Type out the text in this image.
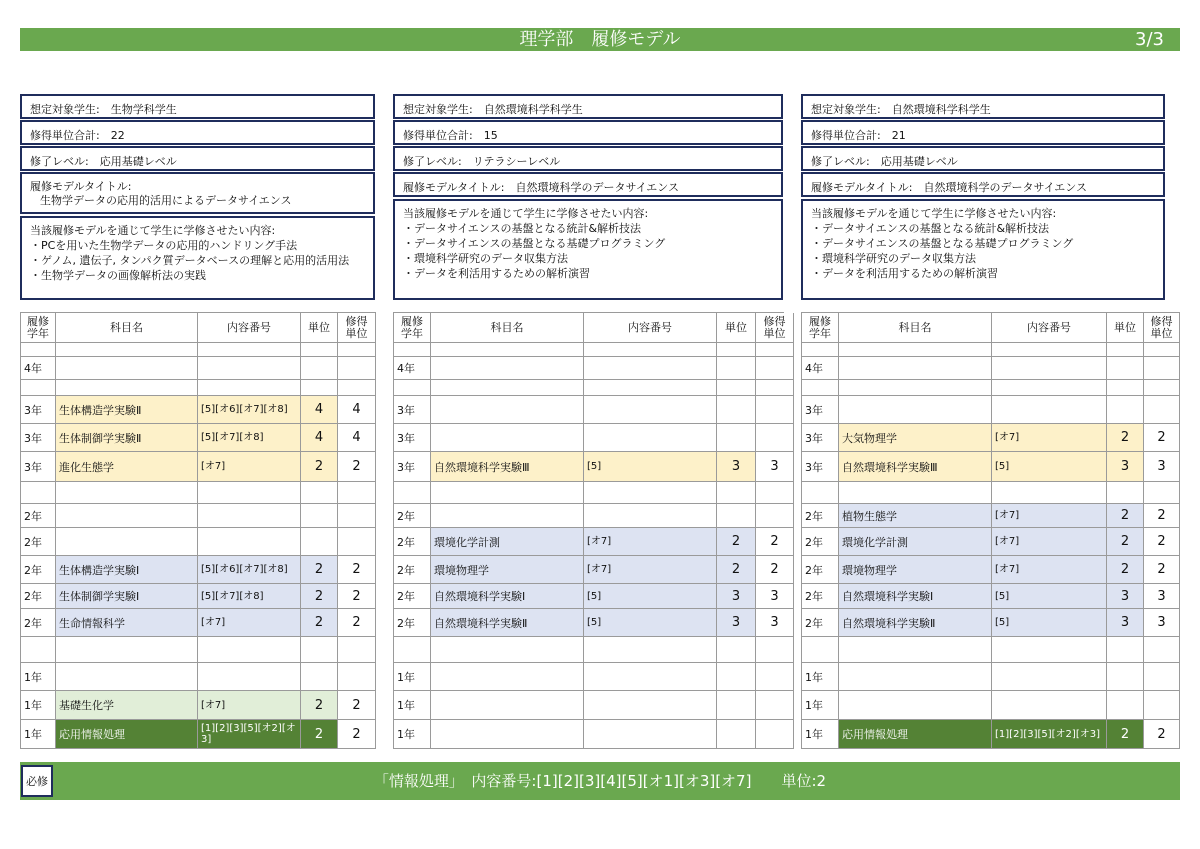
理学部　履修モデル	3/3
想定対象学生:　生物学科学生
修得単位合計:　22
修了レベル:　応用基礎レベル
履修モデルタイトル:
生物学データの応用的活用によるデータサイエンス
当該履修モデルを通じて学生に学修させたい内容:
・PCを用いた生物学データの応用的ハンドリング手法
・ゲノム, 遺伝子, タンパク質データベースの理解と応用的活用法
・生物学データの画像解析法の実践
履修学年	科目名	内容番号	単位	修得単位
4年
3年	生体構造学実験Ⅱ	[5][オ6][オ7][オ8]	4	4
3年	生体制御学実験Ⅱ	[5][オ7][オ8]	4	4
3年	進化生態学	[オ7]	2	2
2年
2年
2年	生体構造学実験Ⅰ	[5][オ6][オ7][オ8]	2	2
2年	生体制御学実験Ⅰ	[5][オ7][オ8]	2	2
2年	生命情報科学	[オ7]	2	2
1年
1年	基礎生化学	[オ7]	2	2
1年	応用情報処理	[1][2][3][5][オ2][オ3]	2	2
想定対象学生:　自然環境科学科学生
修得単位合計:　15
修了レベル:　リテラシーレベル
履修モデルタイトル:　自然環境科学のデータサイエンス
当該履修モデルを通じて学生に学修させたい内容:
・データサイエンスの基盤となる統計&解析技法
・データサイエンスの基盤となる基礎プログラミング
・環境科学研究のデータ収集方法
・データを利活用するための解析演習
履修学年	科目名	内容番号	単位	修得単位
4年
3年
3年
3年	自然環境科学実験Ⅲ	[5]	3	3
2年
2年	環境化学計測	[オ7]	2	2
2年	環境物理学	[オ7]	2	2
2年	自然環境科学実験Ⅰ	[5]	3	3
2年	自然環境科学実験Ⅱ	[5]	3	3
1年
1年
1年
想定対象学生:　自然環境科学科学生
修得単位合計:　21
修了レベル:　応用基礎レベル
履修モデルタイトル:　自然環境科学のデータサイエンス
当該履修モデルを通じて学生に学修させたい内容:
・データサイエンスの基盤となる統計&解析技法
・データサイエンスの基盤となる基礎プログラミング
・環境科学研究のデータ収集方法
・データを利活用するための解析演習
履修学年	科目名	内容番号	単位	修得単位
4年
3年
3年	大気物理学	[オ7]	2	2
3年	自然環境科学実験Ⅲ	[5]	3	3
2年	植物生態学	[オ7]	2	2
2年	環境化学計測	[オ7]	2	2
2年	環境物理学	[オ7]	2	2
2年	自然環境科学実験Ⅰ	[5]	3	3
2年	自然環境科学実験Ⅱ	[5]	3	3
1年
1年
1年	応用情報処理	[1][2][3][5][オ2][オ3]	2	2
「情報処理」　内容番号:[1][2][3][4][5][オ1][オ3][オ7]　　単位:2
必修
